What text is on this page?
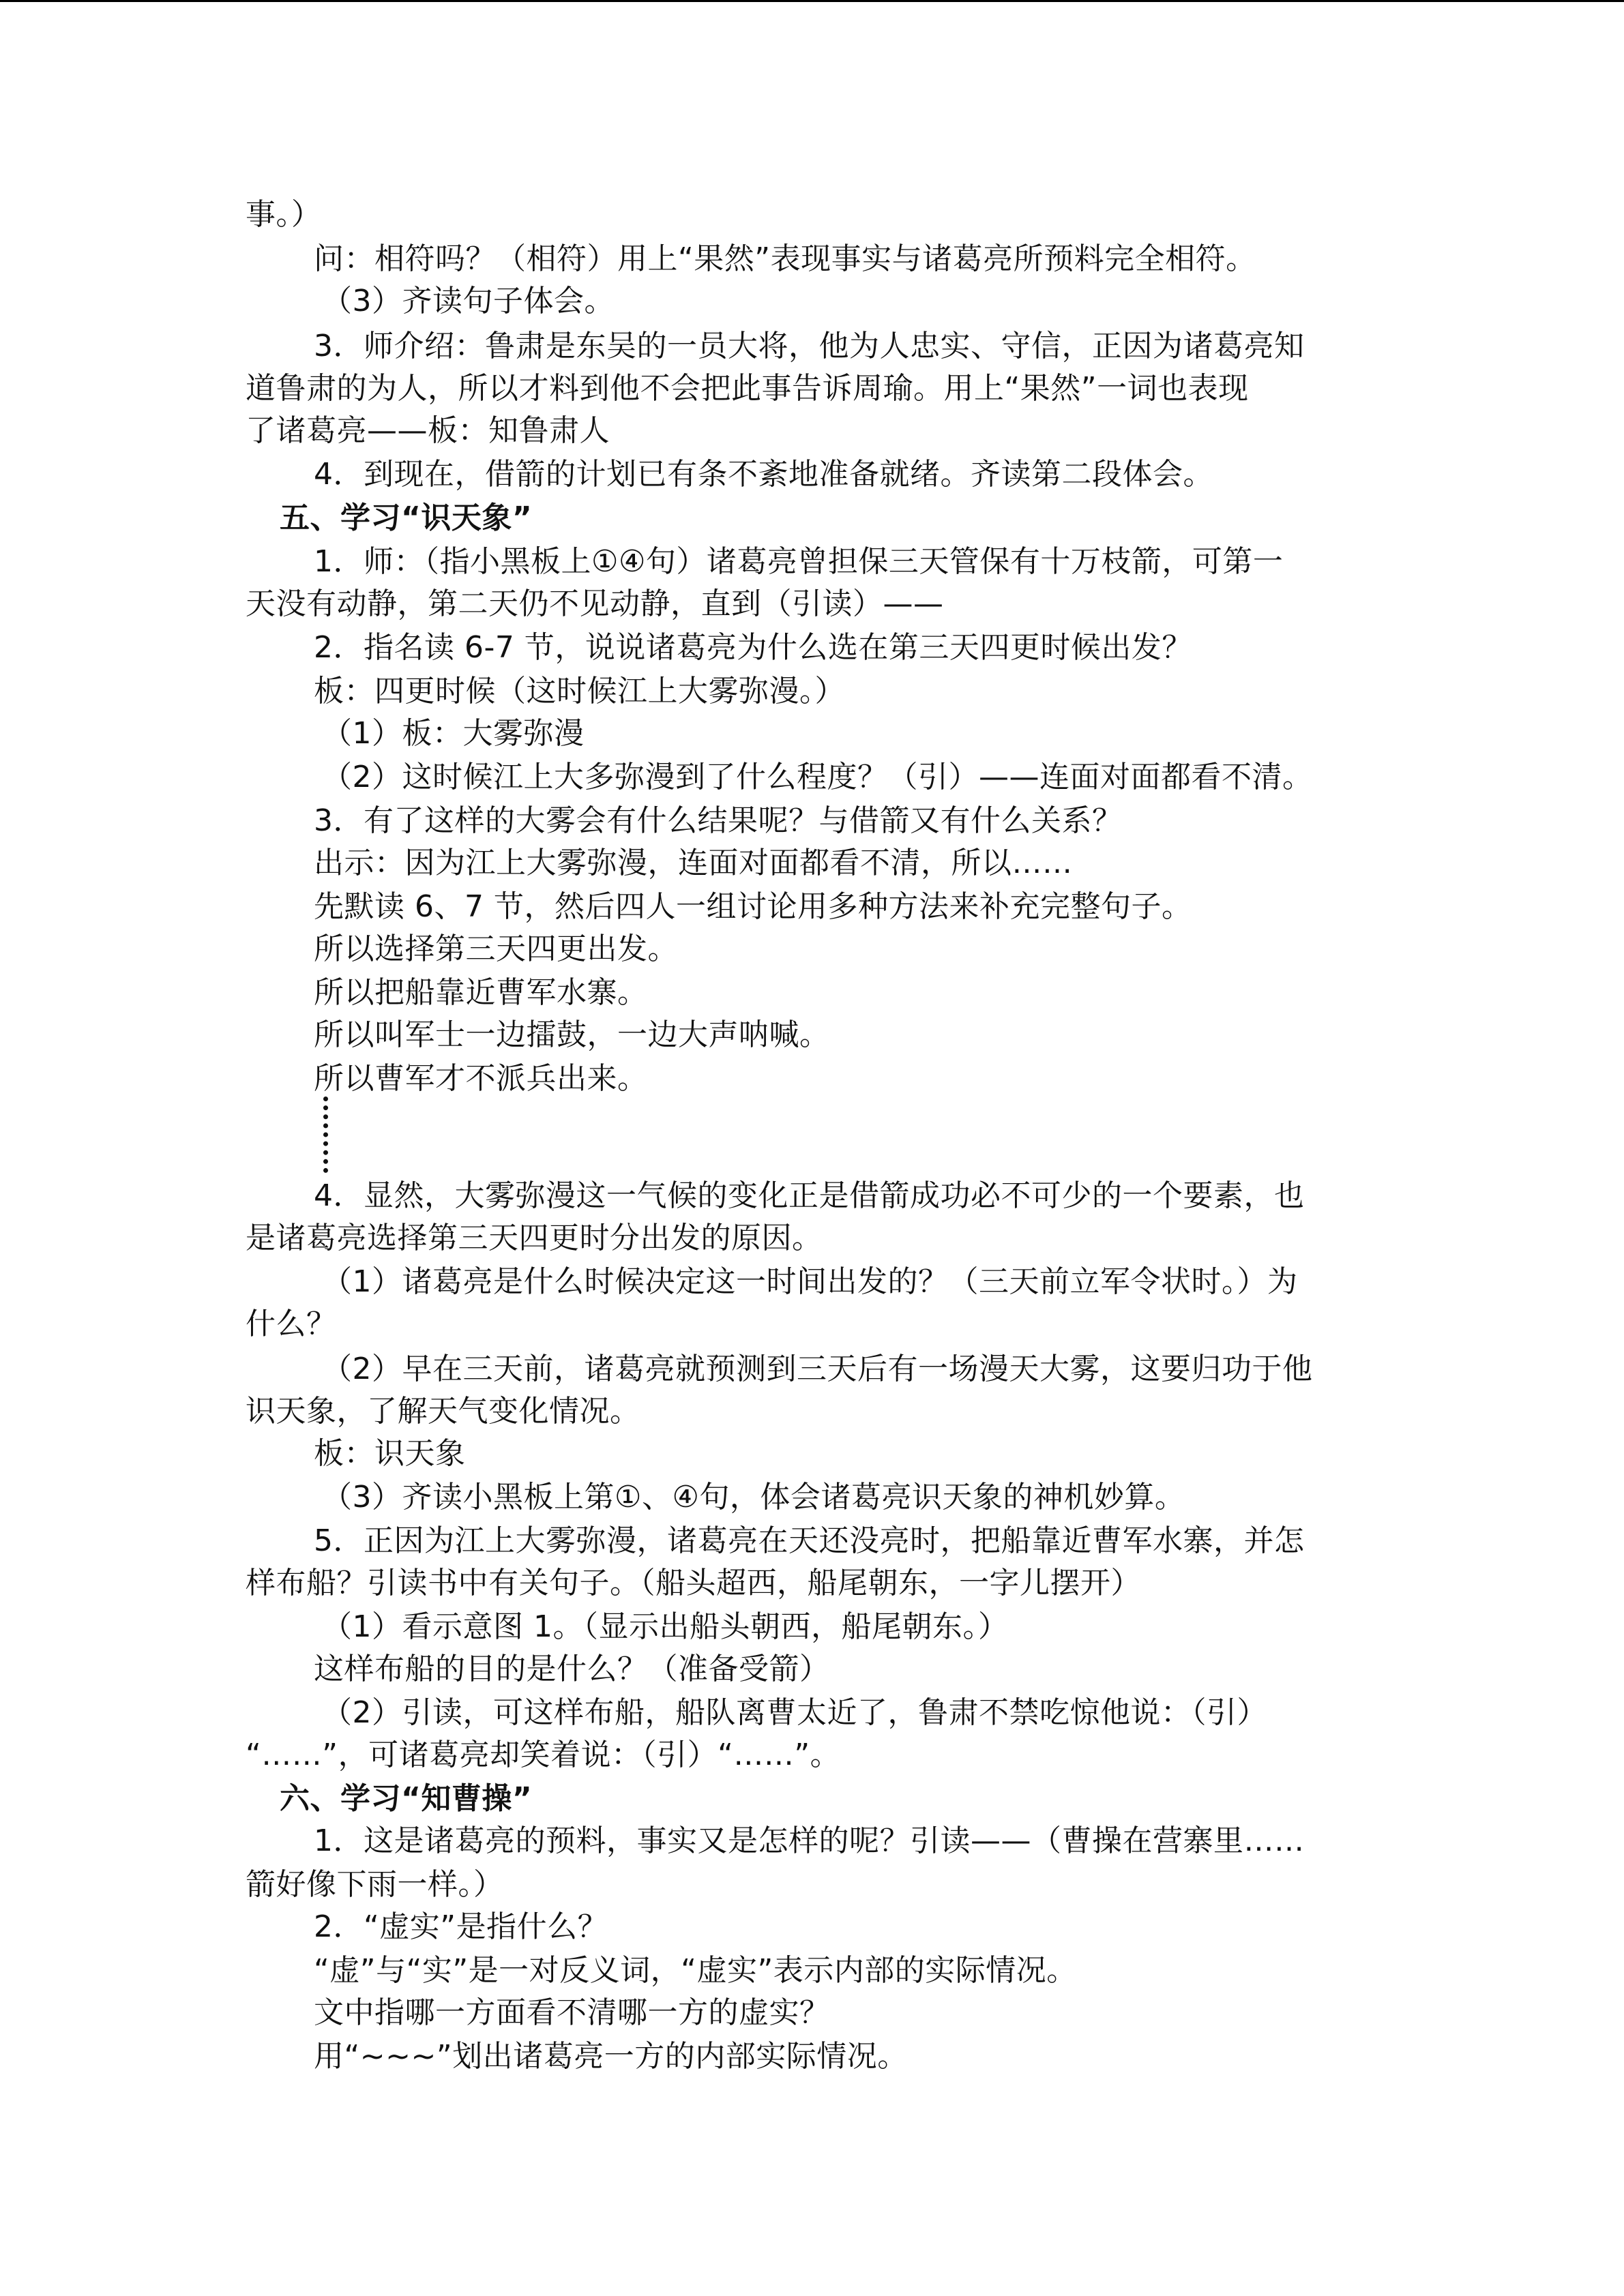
事。）
问：相符吗？（相符）用上“果然”表现事实与诸葛亮所预料完全相符。
（3）齐读句子体会。
3．师介绍：鲁肃是东吴的一员大将，他为人忠实、守信，正因为诸葛亮知
道鲁肃的为人，所以才料到他不会把此事告诉周瑜。用上“果然”一词也表现
了诸葛亮——板：知鲁肃人
4．到现在，借箭的计划已有条不紊地准备就绪。齐读第二段体会。
五、学习“识天象”
1．师：（指小黑板上①④句）诸葛亮曾担保三天管保有十万枝箭，可第一
天没有动静，第二天仍不见动静，直到（引读）——
2．指名读 6-7 节，说说诸葛亮为什么选在第三天四更时候出发？
板：四更时候（这时候江上大雾弥漫。）
（1）板：大雾弥漫
（2）这时候江上大多弥漫到了什么程度？（引）——连面对面都看不清。
3．有了这样的大雾会有什么结果呢？与借箭又有什么关系？
出示：因为江上大雾弥漫，连面对面都看不清，所以……
先默读 6、7 节，然后四人一组讨论用多种方法来补充完整句子。
所以选择第三天四更出发。
所以把船靠近曹军水寨。
所以叫军士一边擂鼓，一边大声呐喊。
所以曹军才不派兵出来。
4．显然，大雾弥漫这一气候的变化正是借箭成功必不可少的一个要素，也
是诸葛亮选择第三天四更时分出发的原因。
（1）诸葛亮是什么时候决定这一时间出发的？（三天前立军令状时。）为
什么？
（2）早在三天前，诸葛亮就预测到三天后有一场漫天大雾，这要归功于他
识天象，了解天气变化情况。
板：识天象
（3）齐读小黑板上第①、④句，体会诸葛亮识天象的神机妙算。
5．正因为江上大雾弥漫，诸葛亮在天还没亮时，把船靠近曹军水寨，并怎
样布船？引读书中有关句子。（船头超西，船尾朝东，一字儿摆开）
（1）看示意图 1。（显示出船头朝西，船尾朝东。）
这样布船的目的是什么？（准备受箭）
（2）引读，可这样布船，船队离曹太近了，鲁肃不禁吃惊他说：（引）
“……”，可诸葛亮却笑着说：（引）“……”。
六、学习“知曹操”
1．这是诸葛亮的预料，事实又是怎样的呢？引读——（曹操在营寨里……
箭好像下雨一样。）
2．“虚实”是指什么？
“虚”与“实”是一对反义词，“虚实”表示内部的实际情况。
文中指哪一方面看不清哪一方的虚实？
用“~~~”划出诸葛亮一方的内部实际情况。
